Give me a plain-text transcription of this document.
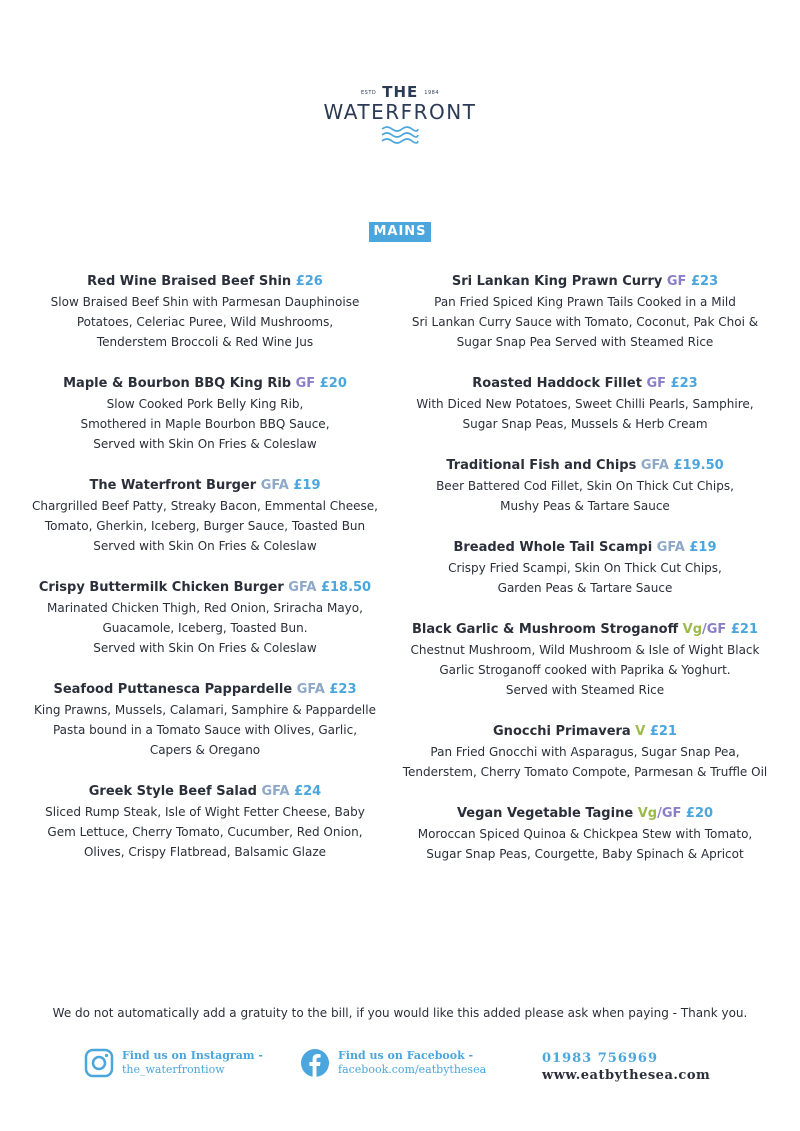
ESTD THE 1984
WATERFRONT
MAINS
Red Wine Braised Beef Shin £26
Slow Braised Beef Shin with Parmesan Dauphinoise
Potatoes, Celeriac Puree, Wild Mushrooms,
Tenderstem Broccoli & Red Wine Jus
Maple & Bourbon BBQ King Rib GF £20
Slow Cooked Pork Belly King Rib,
Smothered in Maple Bourbon BBQ Sauce,
Served with Skin On Fries & Coleslaw
The Waterfront Burger GFA £19
Chargrilled Beef Patty, Streaky Bacon, Emmental Cheese,
Tomato, Gherkin, Iceberg, Burger Sauce, Toasted Bun
Served with Skin On Fries & Coleslaw
Crispy Buttermilk Chicken Burger GFA £18.50
Marinated Chicken Thigh, Red Onion, Sriracha Mayo,
Guacamole, Iceberg, Toasted Bun.
Served with Skin On Fries & Coleslaw
Seafood Puttanesca Pappardelle GFA £23
King Prawns, Mussels, Calamari, Samphire & Pappardelle
Pasta bound in a Tomato Sauce with Olives, Garlic,
Capers & Oregano
Greek Style Beef Salad GFA £24
Sliced Rump Steak, Isle of Wight Fetter Cheese, Baby
Gem Lettuce, Cherry Tomato, Cucumber, Red Onion,
Olives, Crispy Flatbread, Balsamic Glaze
Sri Lankan King Prawn Curry GF £23
Pan Fried Spiced King Prawn Tails Cooked in a Mild
Sri Lankan Curry Sauce with Tomato, Coconut, Pak Choi &
Sugar Snap Pea Served with Steamed Rice
Roasted Haddock Fillet GF £23
With Diced New Potatoes, Sweet Chilli Pearls, Samphire,
Sugar Snap Peas, Mussels & Herb Cream
Traditional Fish and Chips GFA £19.50
Beer Battered Cod Fillet, Skin On Thick Cut Chips,
Mushy Peas & Tartare Sauce
Breaded Whole Tail Scampi GFA £19
Crispy Fried Scampi, Skin On Thick Cut Chips,
Garden Peas & Tartare Sauce
Black Garlic & Mushroom Stroganoff Vg/GF £21
Chestnut Mushroom, Wild Mushroom & Isle of Wight Black
Garlic Stroganoff cooked with Paprika & Yoghurt.
Served with Steamed Rice
Gnocchi Primavera V £21
Pan Fried Gnocchi with Asparagus, Sugar Snap Pea,
Tenderstem, Cherry Tomato Compote, Parmesan & Truffle Oil
Vegan Vegetable Tagine Vg/GF £20
Moroccan Spiced Quinoa & Chickpea Stew with Tomato,
Sugar Snap Peas, Courgette, Baby Spinach & Apricot
We do not automatically add a gratuity to the bill, if you would like this added please ask when paying - Thank you.
Find us on Instagram -
the_waterfrontiow
Find us on Facebook -
facebook.com/eatbythesea
01983 756969
www.eatbythesea.com
